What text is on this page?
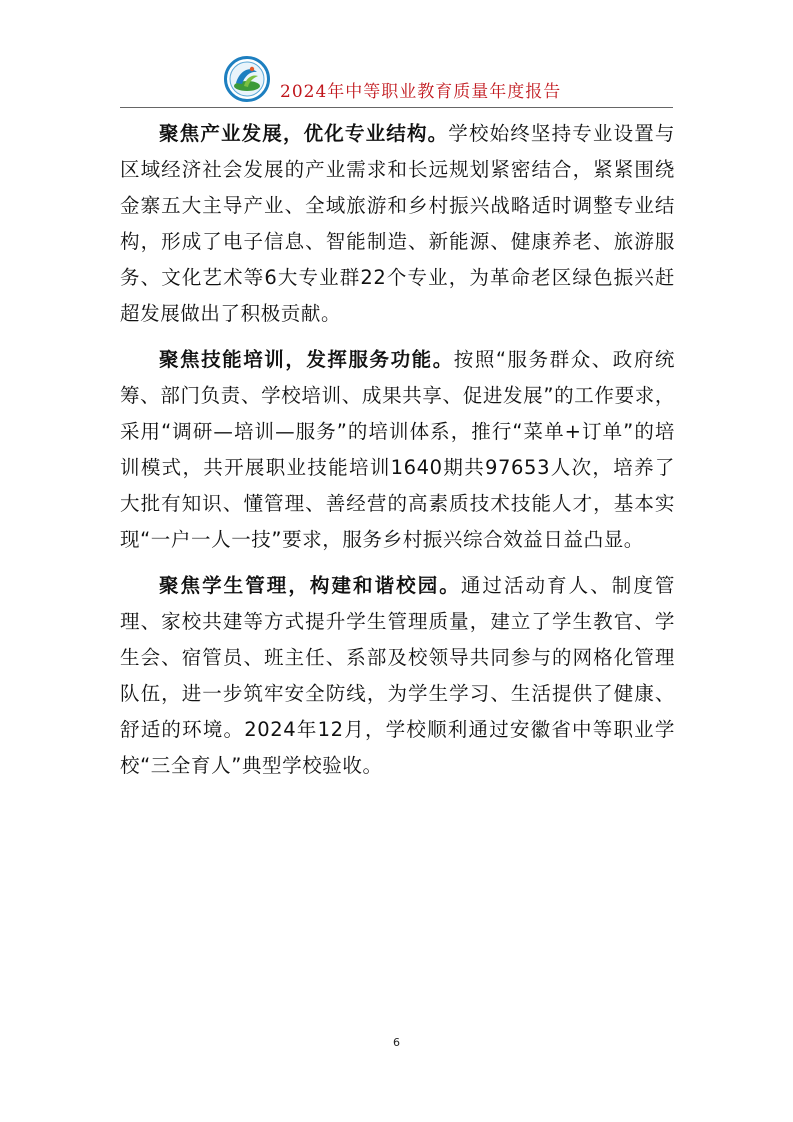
2024年中等职业教育质量年度报告

聚焦产业发展，优化专业结构。学校始终坚持专业设置与区域经济社会发展的产业需求和长远规划紧密结合，紧紧围绕金寨五大主导产业、全域旅游和乡村振兴战略适时调整专业结构，形成了电子信息、智能制造、新能源、健康养老、旅游服务、文化艺术等6大专业群22个专业，为革命老区绿色振兴赶超发展做出了积极贡献。

聚焦技能培训，发挥服务功能。按照“服务群众、政府统筹、部门负责、学校培训、成果共享、促进发展”的工作要求，采用“调研—培训—服务”的培训体系，推行“菜单+订单”的培训模式，共开展职业技能培训1640期共97653人次，培养了大批有知识、懂管理、善经营的高素质技术技能人才，基本实现“一户一人一技”要求，服务乡村振兴综合效益日益凸显。

聚焦学生管理，构建和谐校园。通过活动育人、制度管理、家校共建等方式提升学生管理质量，建立了学生教官、学生会、宿管员、班主任、系部及校领导共同参与的网格化管理队伍，进一步筑牢安全防线，为学生学习、生活提供了健康、舒适的环境。2024年12月，学校顺利通过安徽省中等职业学校“三全育人”典型学校验收。

6
